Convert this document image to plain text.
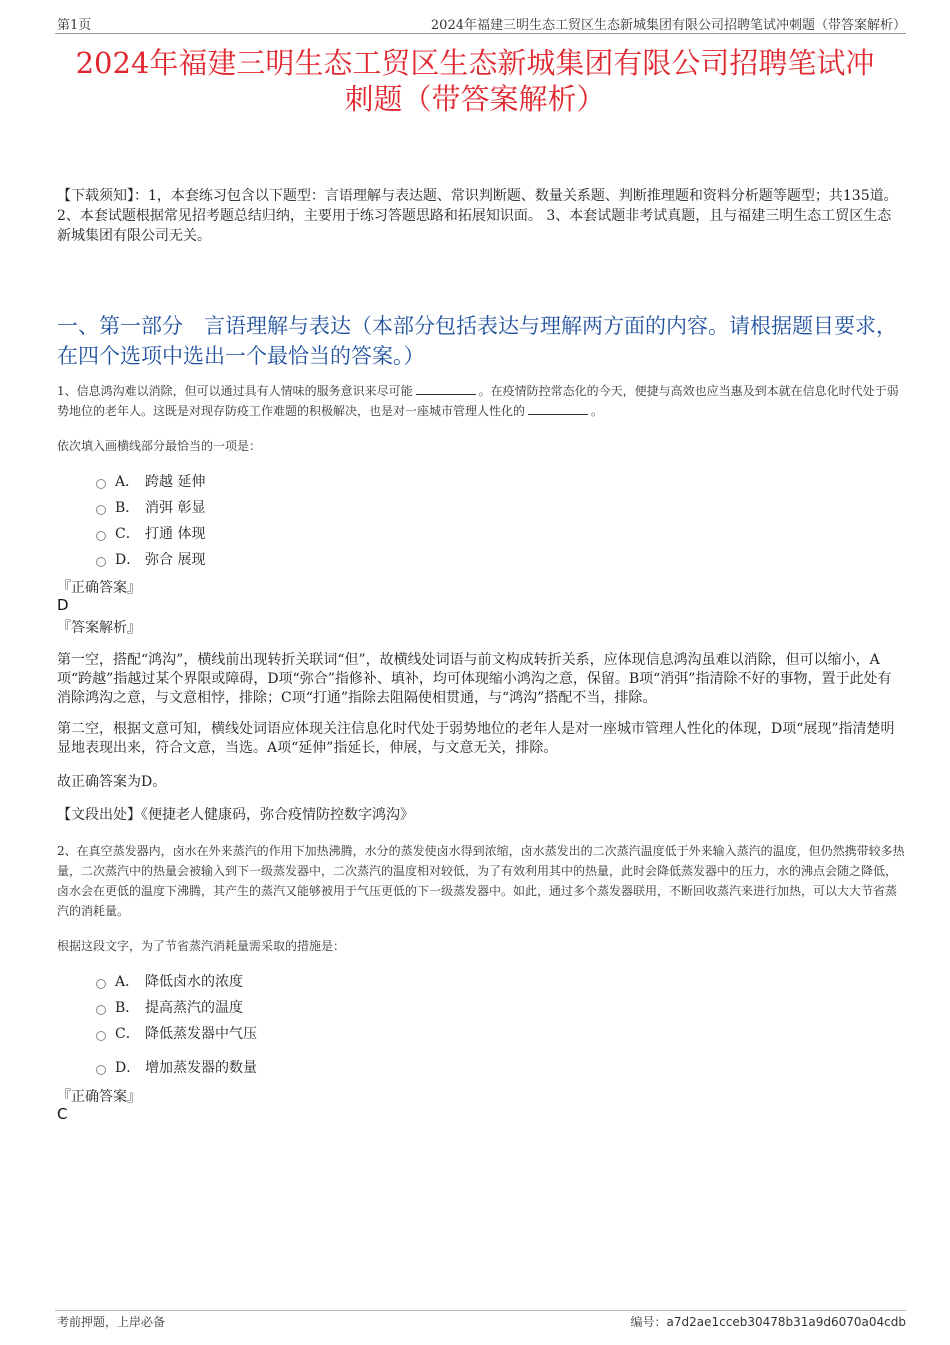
第1页	2024年福建三明生态工贸区生态新城集团有限公司招聘笔试冲刺题（带答案解析）
2024年福建三明生态工贸区生态新城集团有限公司招聘笔试冲
刺题（带答案解析）
【下载须知】：1，本套练习包含以下题型：言语理解与表达题、常识判断题、数量关系题、判断推理题和资料分析题等题型；共135道。 2、本套试题根据常见招考题总结归纳，主要用于练习答题思路和拓展知识面。 3、本套试题非考试真题，且与福建三明生态工贸区生态新城集团有限公司无关。
一、第一部分　言语理解与表达（本部分包括表达与理解两方面的内容。请根据题目要求，在四个选项中选出一个最恰当的答案。）
1、信息鸿沟难以消除，但可以通过具有人情味的服务意识来尽可能	。在疫情防控常态化的今天，便捷与高效也应当惠及到本就在信息化时代处于弱势地位的老年人。这既是对现存防疫工作难题的积极解决，也是对一座城市管理人性化的	。
依次填入画横线部分最恰当的一项是：
A． 跨越 延伸
B． 消弭 彰显
C． 打通 体现
D． 弥合 展现
『正确答案』
D
『答案解析』
第一空，搭配“鸿沟”，横线前出现转折关联词“但”，故横线处词语与前文构成转折关系，应体现信息鸿沟虽难以消除，但可以缩小，A项“跨越”指越过某个界限或障碍，D项“弥合”指修补、填补，均可体现缩小鸿沟之意，保留。B项“消弭”指清除不好的事物，置于此处有消除鸿沟之意，与文意相悖，排除；C项“打通”指除去阻隔使相贯通，与“鸿沟”搭配不当，排除。
第二空，根据文意可知，横线处词语应体现关注信息化时代处于弱势地位的老年人是对一座城市管理人性化的体现，D项“展现”指清楚明显地表现出来，符合文意，当选。A项“延伸”指延长，伸展，与文意无关，排除。
故正确答案为D。
【文段出处】《便捷老人健康码，弥合疫情防控数字鸿沟》
2、在真空蒸发器内，卤水在外来蒸汽的作用下加热沸腾，水分的蒸发使卤水得到浓缩，卤水蒸发出的二次蒸汽温度低于外来输入蒸汽的温度，但仍然携带较多热量，二次蒸汽中的热量会被输入到下一级蒸发器中，二次蒸汽的温度相对较低，为了有效利用其中的热量，此时会降低蒸发器中的压力，水的沸点会随之降低，卤水会在更低的温度下沸腾，其产生的蒸汽又能够被用于气压更低的下一级蒸发器中。如此，通过多个蒸发器联用，不断回收蒸汽来进行加热，可以大大节省蒸汽的消耗量。
根据这段文字，为了节省蒸汽消耗量需采取的措施是：
A． 降低卤水的浓度
B． 提高蒸汽的温度
C． 降低蒸发器中气压
D． 增加蒸发器的数量
『正确答案』
C
考前押题，上岸必备	编号：a7d2ae1cceb30478b31a9d6070a04cdb
